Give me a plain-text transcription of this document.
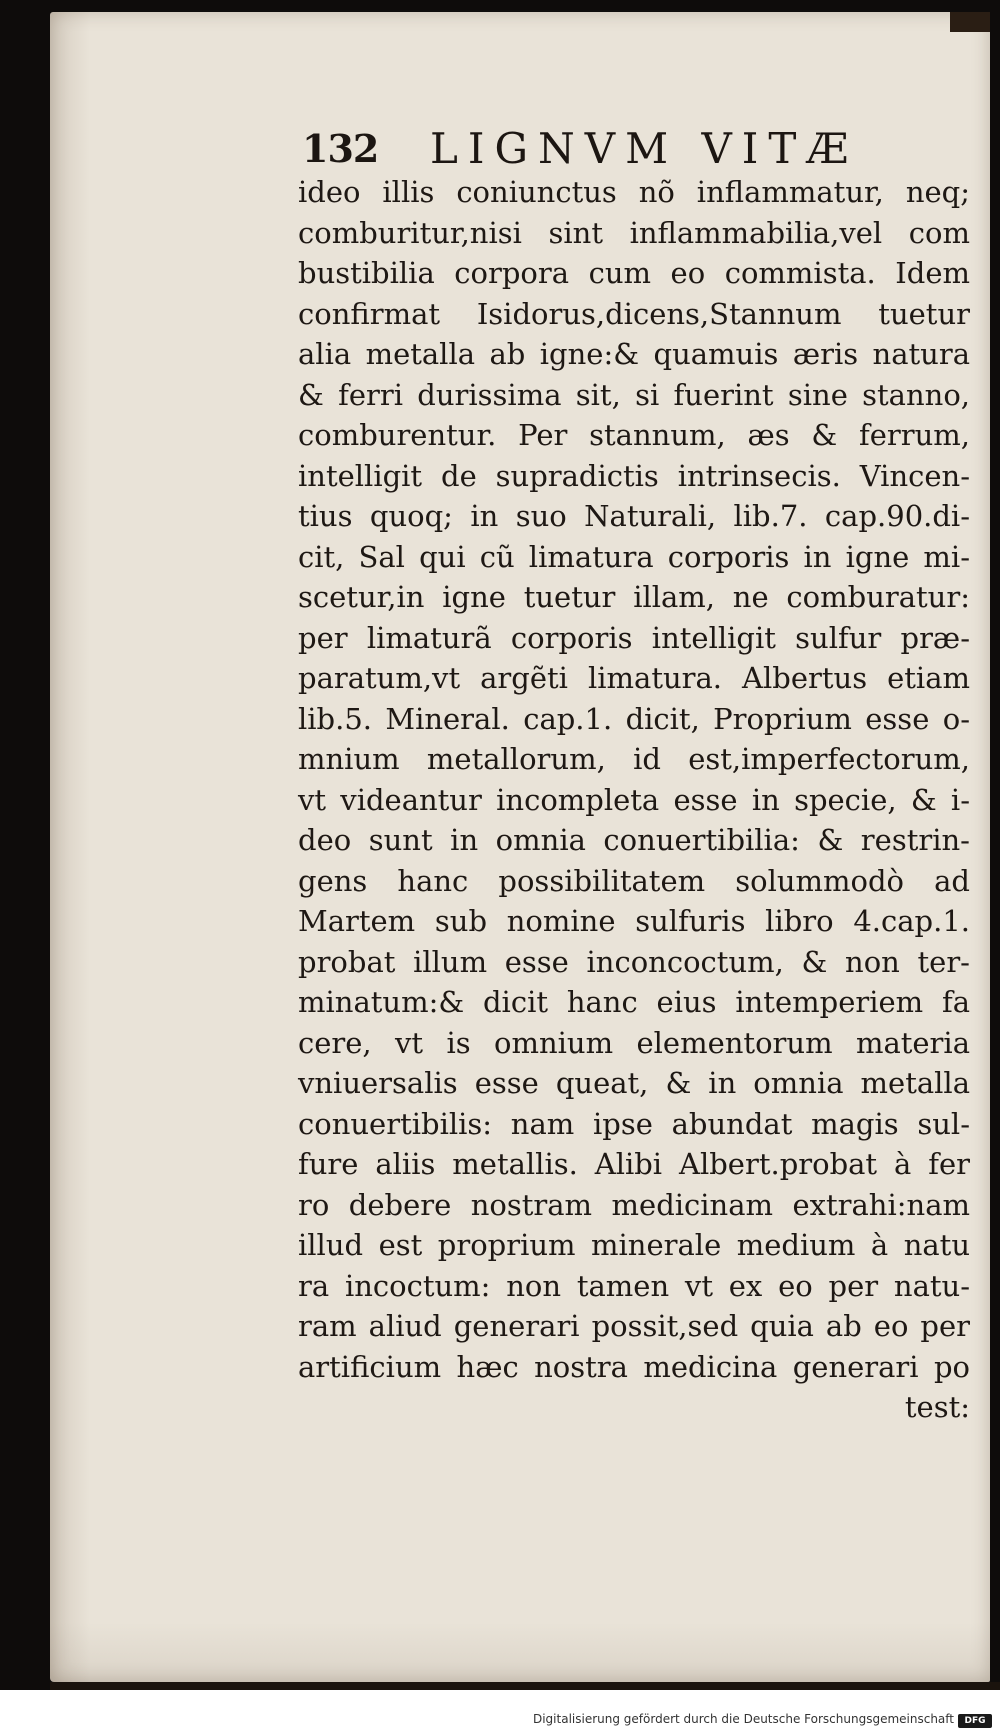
132 LIGNVM VITÆ
ideo illis coniunctus nõ inflammatur, neq;
comburitur,nisi sint inflammabilia,vel com
bustibilia corpora cum eo commista. Idem
confirmat Isidorus,dicens,Stannum tuetur
alia metalla ab igne:& quamuis æris natura
& ferri durissima sit, si fuerint sine stanno,
comburentur. Per stannum, æs & ferrum,
intelligit de supradictis intrinsecis. Vincen-
tius quoq; in suo Naturali, lib.7. cap.90.di-
cit, Sal qui cũ limatura corporis in igne mi-
scetur,in igne tuetur illam, ne comburatur:
per limaturã corporis intelligit sulfur præ-
paratum,vt argẽti limatura. Albertus etiam
lib.5. Mineral. cap.1. dicit, Proprium esse o-
mnium metallorum, id est,imperfectorum,
vt videantur incompleta esse in specie, & i-
deo sunt in omnia conuertibilia: & restrin-
gens hanc possibilitatem solummodò ad
Martem sub nomine sulfuris libro 4.cap.1.
probat illum esse inconcoctum, & non ter-
minatum:& dicit hanc eius intemperiem fa
cere, vt is omnium elementorum materia
vniuersalis esse queat, & in omnia metalla
conuertibilis: nam ipse abundat magis sul-
fure aliis metallis. Alibi Albert.probat à fer
ro debere nostram medicinam extrahi:nam
illud est proprium minerale medium à natu
ra incoctum: non tamen vt ex eo per natu-
ram aliud generari possit,sed quia ab eo per
artificium hæc nostra medicina generari po
test:
Digitalisierung gefördert durch die Deutsche Forschungsgemeinschaft	DFG
